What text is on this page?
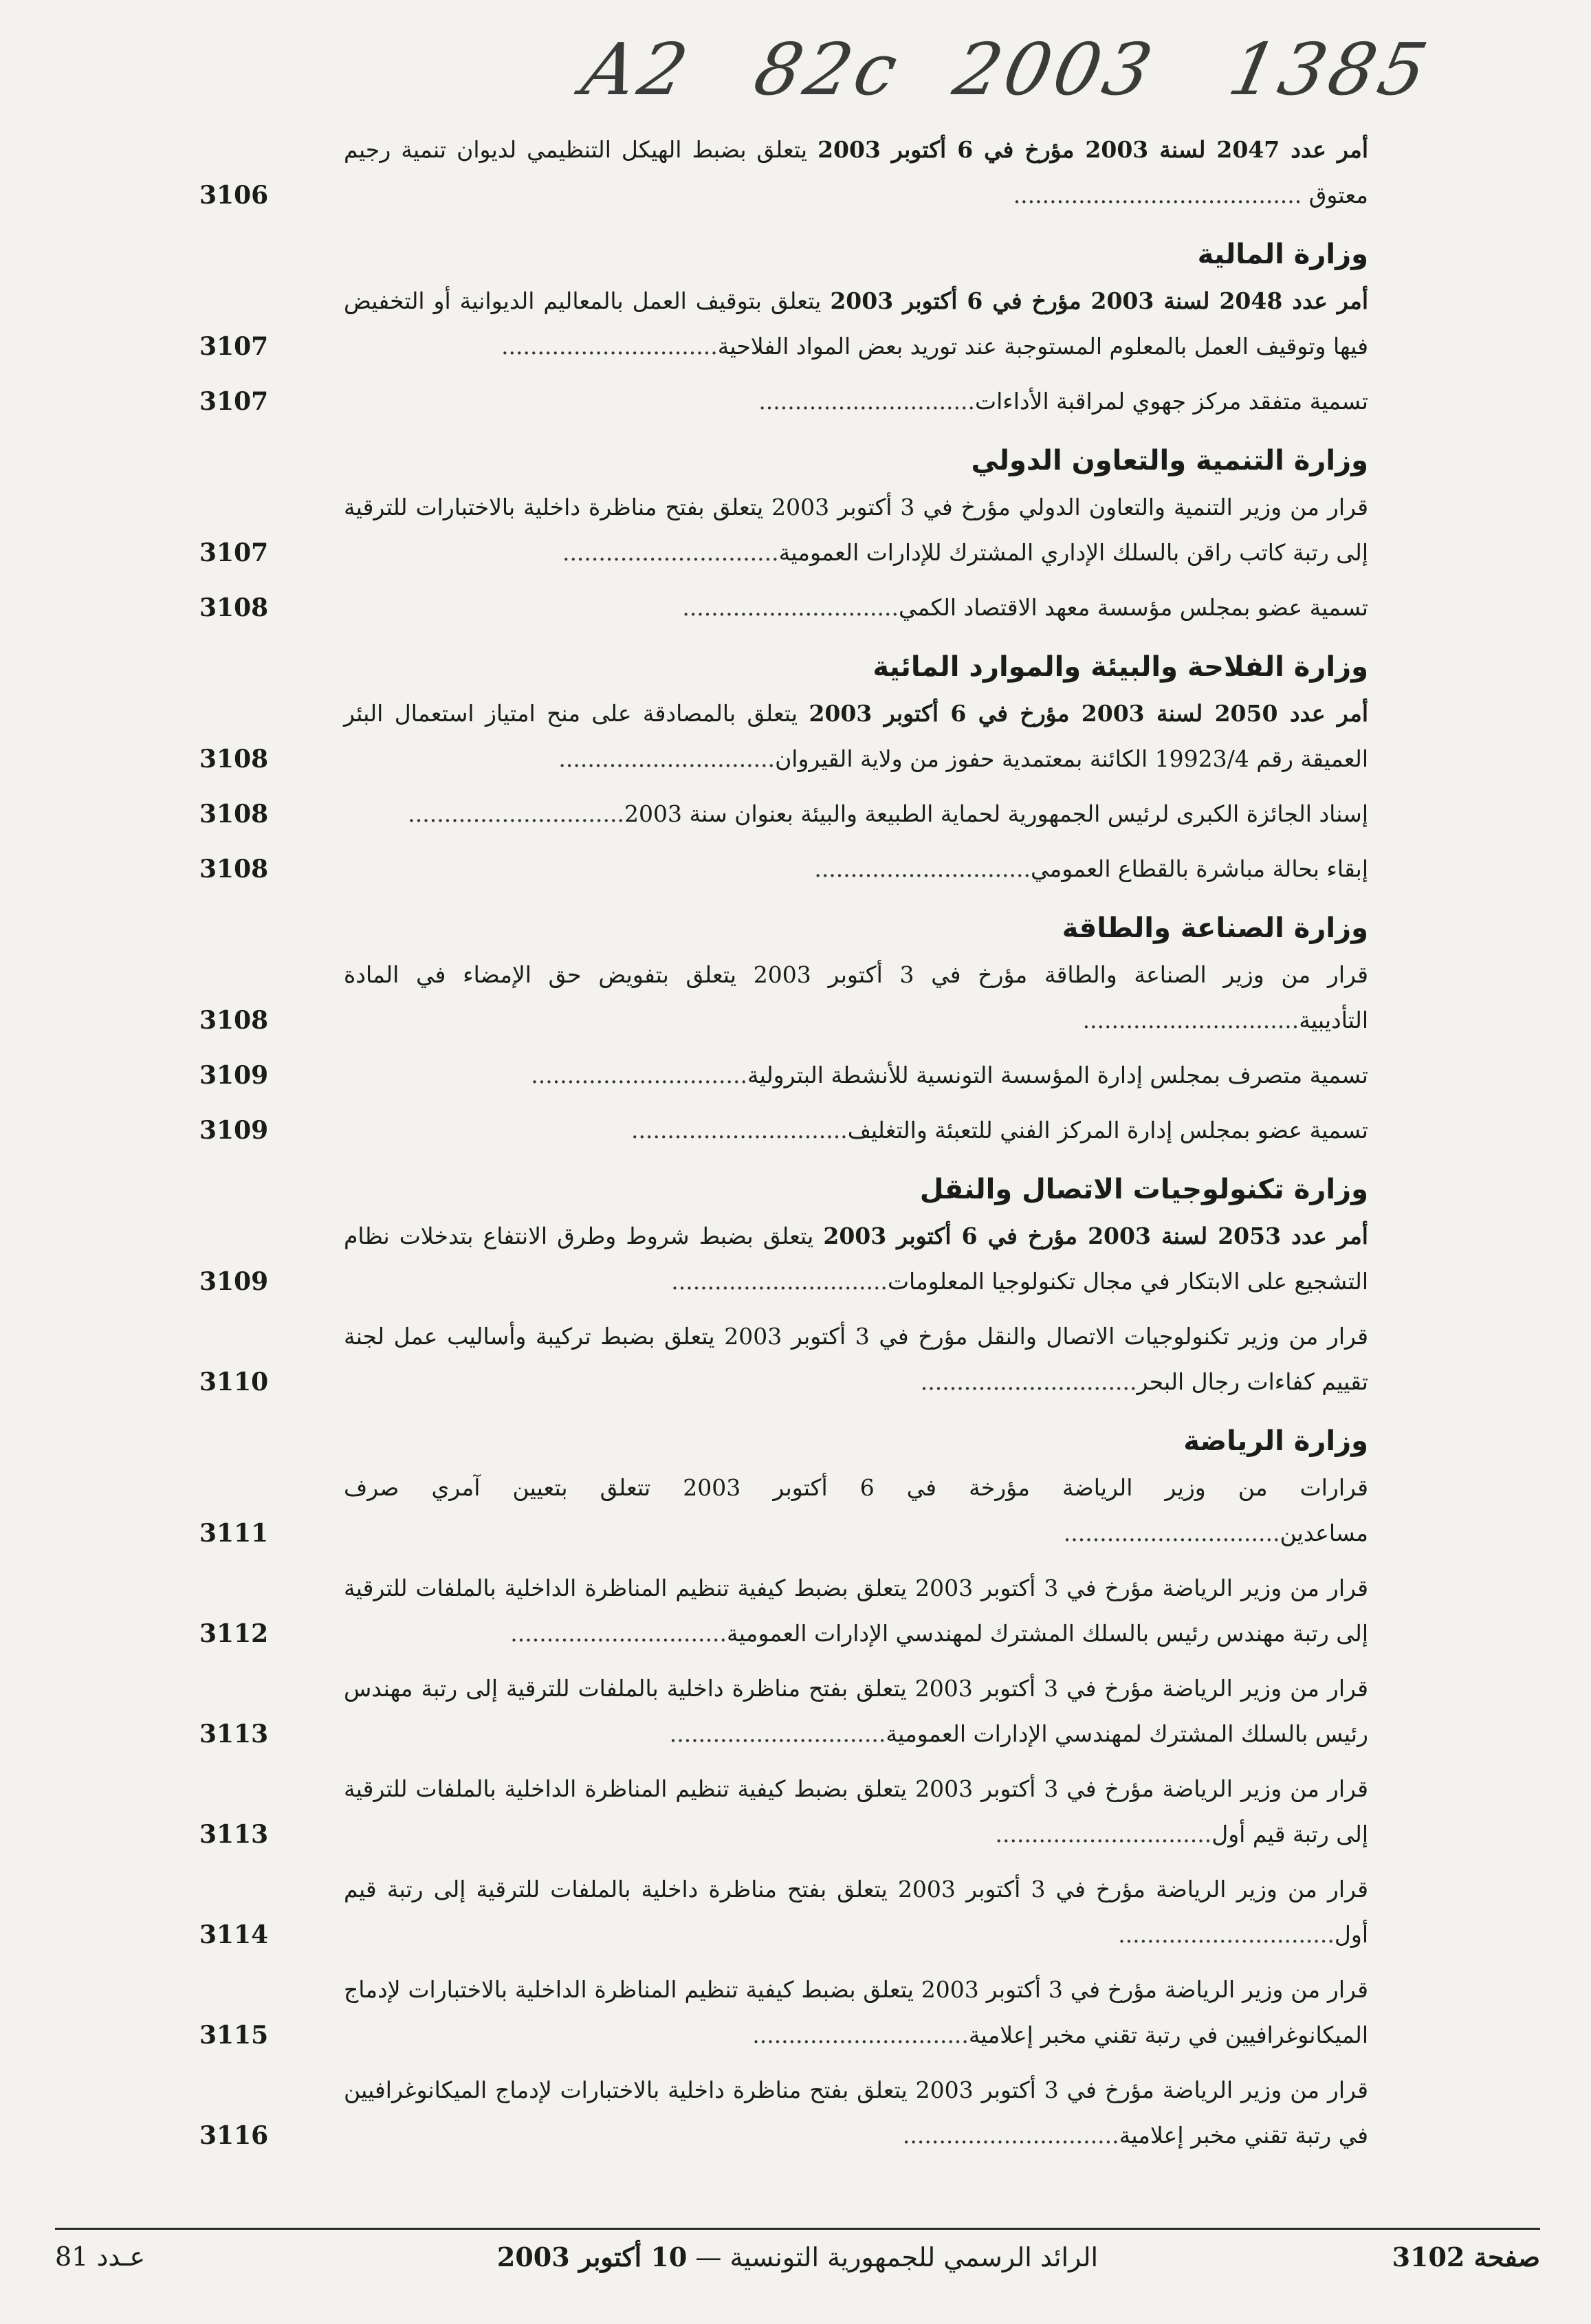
A2 82c 2003 1385
أمر عدد 2047 لسنة 2003 مؤرخ في 6 أكتوبر 2003 يتعلق بضبط الهيكل التنظيمي لديوان تنمية رجيم معتوق ........................................
3106
وزارة المالية
أمر عدد 2048 لسنة 2003 مؤرخ في 6 أكتوبر 2003 يتعلق بتوقيف العمل بالمعاليم الديوانية أو التخفيض فيها وتوقيف العمل بالمعلوم المستوجبة عند توريد بعض المواد الفلاحية..............................
3107
تسمية متفقد مركز جهوي لمراقبة الأداءات..............................
3107
وزارة التنمية والتعاون الدولي
قرار من وزير التنمية والتعاون الدولي مؤرخ في 3 أكتوبر 2003 يتعلق بفتح مناظرة داخلية بالاختبارات للترقية إلى رتبة كاتب راقن بالسلك الإداري المشترك للإدارات العمومية..............................
3107
تسمية عضو بمجلس مؤسسة معهد الاقتصاد الكمي..............................
3108
وزارة الفلاحة والبيئة والموارد المائية
أمر عدد 2050 لسنة 2003 مؤرخ في 6 أكتوبر 2003 يتعلق بالمصادقة على منح امتياز استعمال البئر العميقة رقم 19923/4 الكائنة بمعتمدية حفوز من ولاية القيروان..............................
3108
إسناد الجائزة الكبرى لرئيس الجمهورية لحماية الطبيعة والبيئة بعنوان سنة 2003..............................
3108
إبقاء بحالة مباشرة بالقطاع العمومي..............................
3108
وزارة الصناعة والطاقة
قرار من وزير الصناعة والطاقة مؤرخ في 3 أكتوبر 2003 يتعلق بتفويض حق الإمضاء في المادة التأديبية..............................
3108
تسمية متصرف بمجلس إدارة المؤسسة التونسية للأنشطة البترولية..............................
3109
تسمية عضو بمجلس إدارة المركز الفني للتعبئة والتغليف..............................
3109
وزارة تكنولوجيات الاتصال والنقل
أمر عدد 2053 لسنة 2003 مؤرخ في 6 أكتوبر 2003 يتعلق بضبط شروط وطرق الانتفاع بتدخلات نظام التشجيع على الابتكار في مجال تكنولوجيا المعلومات..............................
3109
قرار من وزير تكنولوجيات الاتصال والنقل مؤرخ في 3 أكتوبر 2003 يتعلق بضبط تركيبة وأساليب عمل لجنة تقييم كفاءات رجال البحر..............................
3110
وزارة الرياضة
قرارات من وزير الرياضة مؤرخة في 6 أكتوبر 2003 تتعلق بتعيين آمري صرف مساعدين..............................
3111
قرار من وزير الرياضة مؤرخ في 3 أكتوبر 2003 يتعلق بضبط كيفية تنظيم المناظرة الداخلية بالملفات للترقية إلى رتبة مهندس رئيس بالسلك المشترك لمهندسي الإدارات العمومية..............................
3112
قرار من وزير الرياضة مؤرخ في 3 أكتوبر 2003 يتعلق بفتح مناظرة داخلية بالملفات للترقية إلى رتبة مهندس رئيس بالسلك المشترك لمهندسي الإدارات العمومية..............................
3113
قرار من وزير الرياضة مؤرخ في 3 أكتوبر 2003 يتعلق بضبط كيفية تنظيم المناظرة الداخلية بالملفات للترقية إلى رتبة قيم أول..............................
3113
قرار من وزير الرياضة مؤرخ في 3 أكتوبر 2003 يتعلق بفتح مناظرة داخلية بالملفات للترقية إلى رتبة قيم أول..............................
3114
قرار من وزير الرياضة مؤرخ في 3 أكتوبر 2003 يتعلق بضبط كيفية تنظيم المناظرة الداخلية بالاختبارات لإدماج الميكانوغرافيين في رتبة تقني مخبر إعلامية..............................
3115
قرار من وزير الرياضة مؤرخ في 3 أكتوبر 2003 يتعلق بفتح مناظرة داخلية بالاختبارات لإدماج الميكانوغرافيين في رتبة تقني مخبر إعلامية..............................
3116
صفحة 3102
الرائد الرسمي للجمهورية التونسية — 10 أكتوبر 2003
عـدد 81
